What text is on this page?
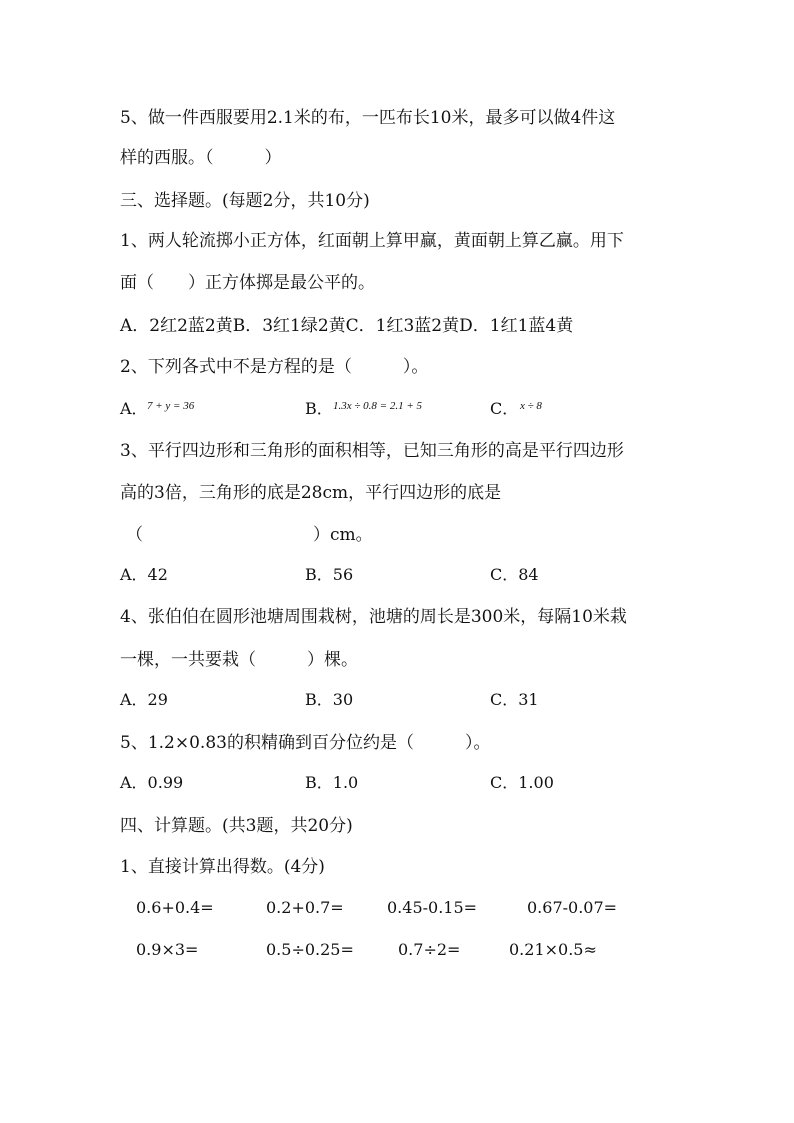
5、做一件西服要用2.1米的布，一匹布长10米，最多可以做4件这
样的西服。（　　　）
三、选择题。(每题2分，共10分)
1、两人轮流掷小正方体，红面朝上算甲赢，黄面朝上算乙赢。用下
面（　　）正方体掷是最公平的。
A．2红2蓝2黄B．3红1绿2黄C．1红3蓝2黄D．1红1蓝4黄
2、下列各式中不是方程的是（　　　）。
A． 7 + y = 36	B． 1.3x ÷ 0.8 = 2.1 + 5	C． x ÷ 8
3、平行四边形和三角形的面积相等，已知三角形的高是平行四边形
高的3倍，三角形的底是28cm，平行四边形的底是
（　　　　　　　　　　）cm。
A．42	B．56	C．84
4、张伯伯在圆形池塘周围栽树，池塘的周长是300米，每隔10米栽
一棵，一共要栽（　　　）棵。
A．29	B．30	C．31
5、1.2×0.83的积精确到百分位约是（　　　）。
A．0.99	B．1.0	C．1.00
四、计算题。(共3题，共20分)
1、直接计算出得数。(4分)
0.6+0.4=	0.2+0.7=	0.45-0.15=	0.67-0.07=
0.9×3=	0.5÷0.25=	0.7÷2=	0.21×0.5≈
